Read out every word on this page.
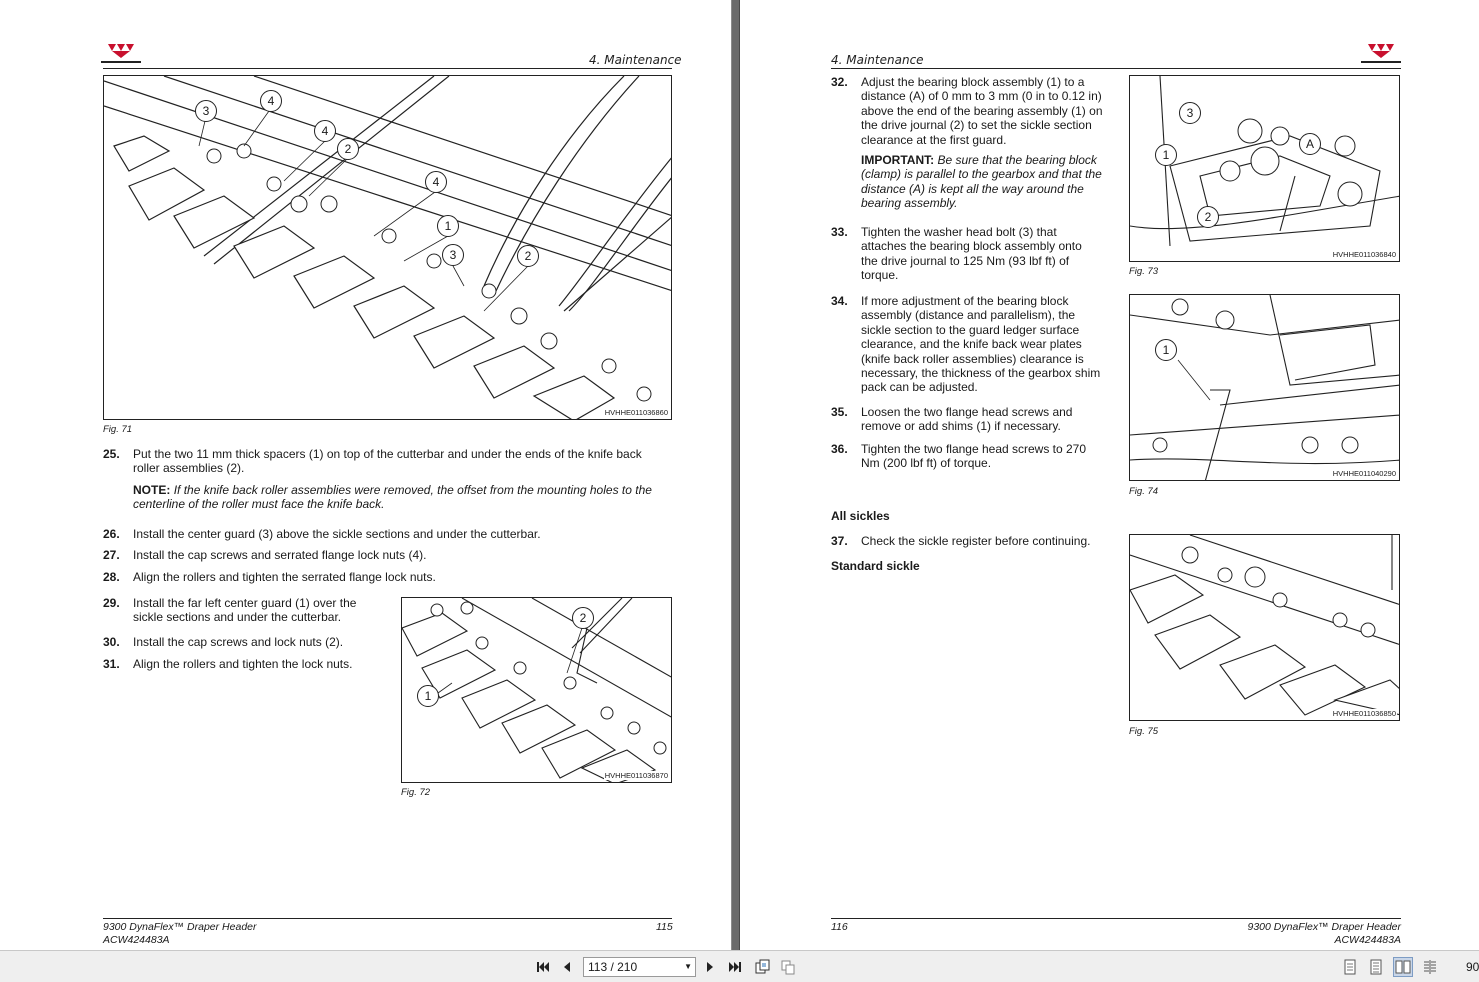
4. Maintenance
3
4
4
2
4
1
3	2
HVHHE011036860
Fig. 71
25. Put the two 11 mm thick spacers (1) on top of the cutterbar and under the ends of the knife back roller assemblies (2).
NOTE: If the knife back roller assemblies were removed, the offset from the mounting holes to the centerline of the roller must face the knife back.
26. Install the center guard (3) above the sickle sections and under the cutterbar.
27. Install the cap screws and serrated flange lock nuts (4).
28. Align the rollers and tighten the serrated flange lock nuts.
29. Install the far left center guard (1) over the sickle sections and under the cutterbar.
30. Install the cap screws and lock nuts (2).
31. Align the rollers and tighten the lock nuts.
2
1
HVHHE011036870
Fig. 72
9300 DynaFlex™ Draper Header
ACW424483A
115
4. Maintenance
32. Adjust the bearing block assembly (1) to a distance (A) of 0 mm to 3 mm (0 in to 0.12 in) above the end of the bearing assembly (1) on the drive journal (2) to set the sickle section clearance at the first guard.
IMPORTANT: Be sure that the bearing block (clamp) is parallel to the gearbox and that the distance (A) is kept all the way around the bearing assembly.
33. Tighten the washer head bolt (3) that attaches the bearing block assembly onto the drive journal to 125 Nm (93 lbf ft) of torque.
34. If more adjustment of the bearing block assembly (distance and parallelism), the sickle section to the guard ledger surface clearance, and the knife back wear plates (knife back roller assemblies) clearance is necessary, the thickness of the gearbox shim pack can be adjusted.
35. Loosen the two flange head screws and remove or add shims (1) if necessary.
36. Tighten the two flange head screws to 270 Nm (200 lbf ft) of torque.
All sickles
37. Check the sickle register before continuing.
Standard sickle
3
A
1
2
HVHHE011036840
Fig. 73
1
HVHHE011040290
Fig. 74
HVHHE011036850
Fig. 75
116	9300 DynaFlex™ Draper Header
ACW424483A
113 / 210	▼	90
